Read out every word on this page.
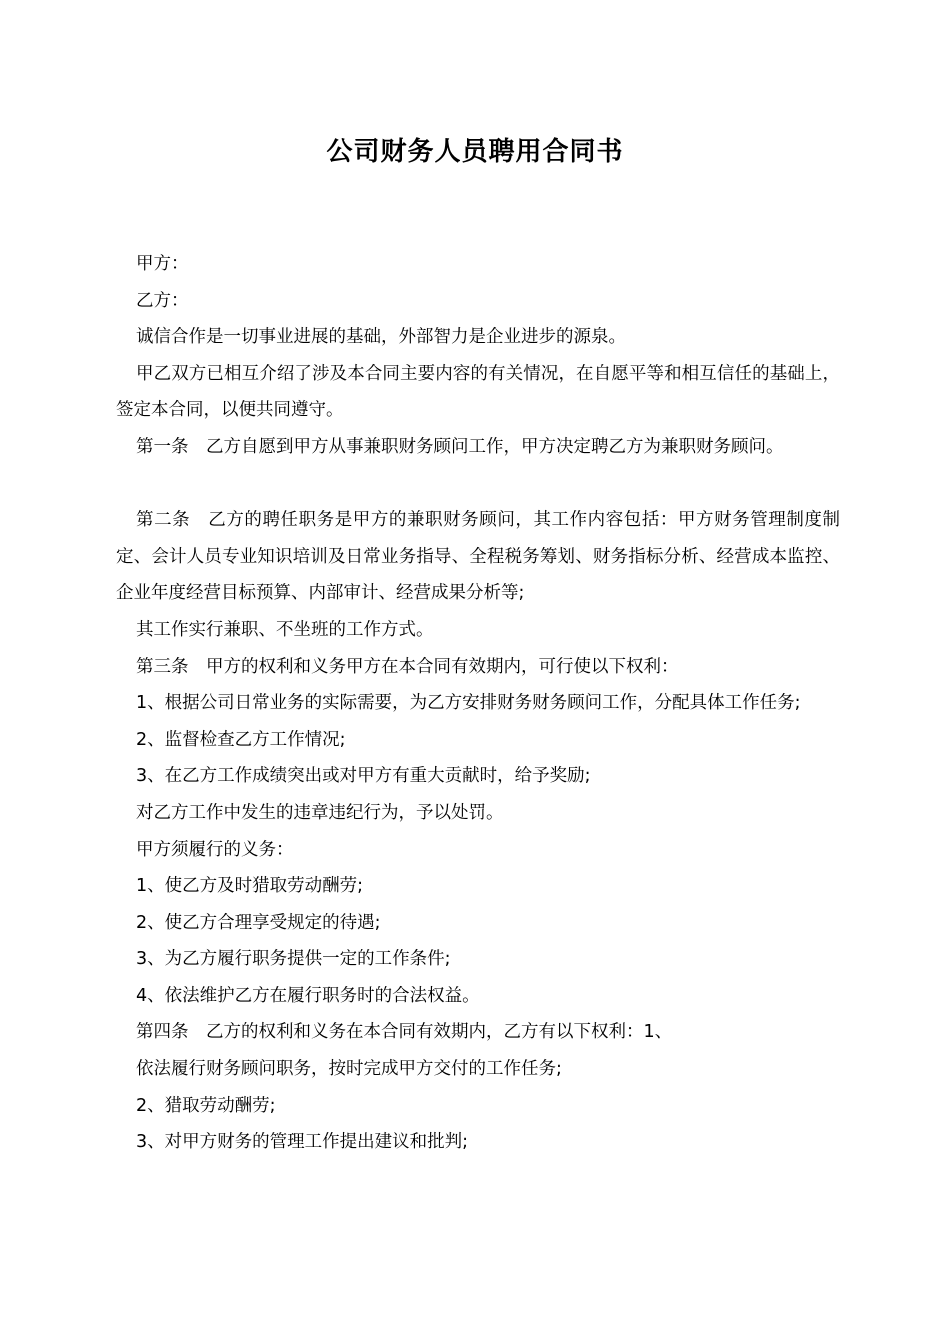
公司财务人员聘用合同书

甲方：

乙方：

诚信合作是一切事业进展的基础，外部智力是企业进步的源泉。

甲乙双方已相互介绍了涉及本合同主要内容的有关情况，在自愿平等和相互信任的基础上，签定本合同，以便共同遵守。

第一条　乙方自愿到甲方从事兼职财务顾问工作，甲方决定聘乙方为兼职财务顾问。

第二条　乙方的聘任职务是甲方的兼职财务顾问，其工作内容包括：甲方财务管理制度制定、会计人员专业知识培训及日常业务指导、全程税务筹划、财务指标分析、经营成本监控、企业年度经营目标预算、内部审计、经营成果分析等;

其工作实行兼职、不坐班的工作方式。

第三条　甲方的权利和义务甲方在本合同有效期内，可行使以下权利：

1、根据公司日常业务的实际需要，为乙方安排财务财务顾问工作，分配具体工作任务;

2、监督检查乙方工作情况;

3、在乙方工作成绩突出或对甲方有重大贡献时，给予奖励;

对乙方工作中发生的违章违纪行为，予以处罚。

甲方须履行的义务：

1、使乙方及时猎取劳动酬劳;

2、使乙方合理享受规定的待遇;

3、为乙方履行职务提供一定的工作条件;

4、依法维护乙方在履行职务时的合法权益。

第四条　乙方的权利和义务在本合同有效期内，乙方有以下权利：1、

依法履行财务顾问职务，按时完成甲方交付的工作任务;

2、猎取劳动酬劳;

3、对甲方财务的管理工作提出建议和批判;
